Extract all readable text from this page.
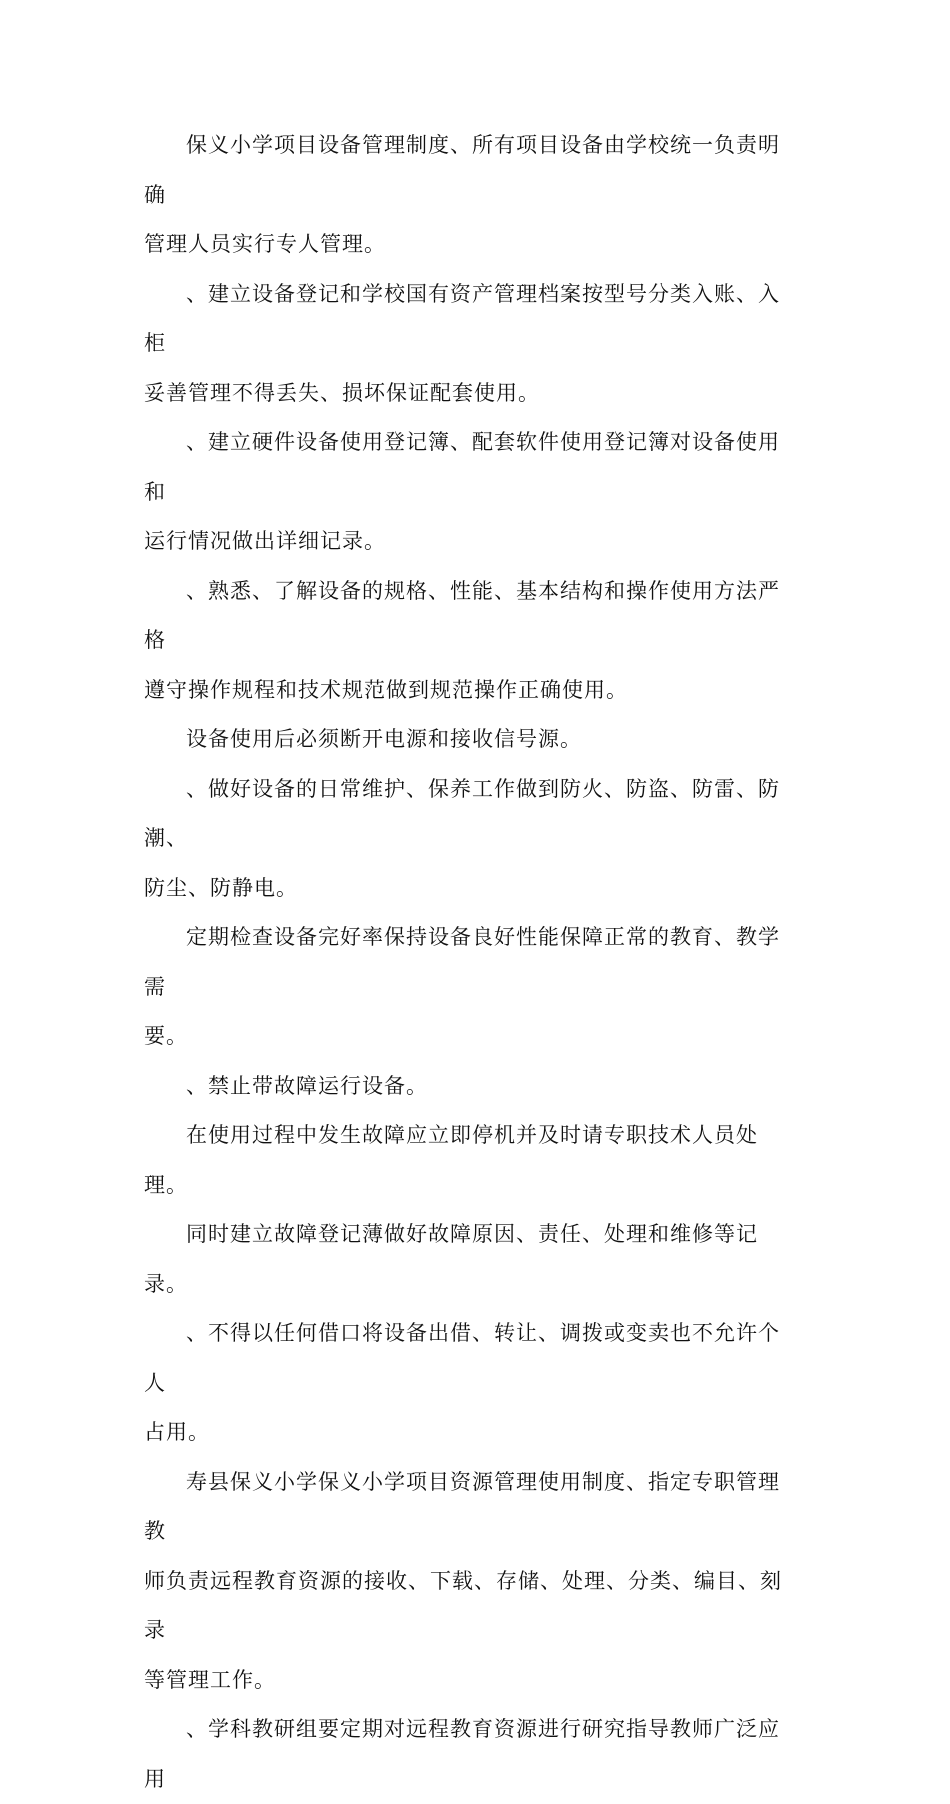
保义小学项目设备管理制度、所有项目设备由学校统一负责明确
管理人员实行专人管理。

、建立设备登记和学校国有资产管理档案按型号分类入账、入柜
妥善管理不得丢失、损坏保证配套使用。

、建立硬件设备使用登记簿、配套软件使用登记簿对设备使用和
运行情况做出详细记录。

、熟悉、了解设备的规格、性能、基本结构和操作使用方法严格
遵守操作规程和技术规范做到规范操作正确使用。

设备使用后必须断开电源和接收信号源。

、做好设备的日常维护、保养工作做到防火、防盗、防雷、防潮、
防尘、防静电。

定期检查设备完好率保持设备良好性能保障正常的教育、教学需
要。

、禁止带故障运行设备。

在使用过程中发生故障应立即停机并及时请专职技术人员处理。

同时建立故障登记薄做好故障原因、责任、处理和维修等记录。

、不得以任何借口将设备出借、转让、调拨或变卖也不允许个人
占用。

寿县保义小学保义小学项目资源管理使用制度、指定专职管理教
师负责远程教育资源的接收、下载、存储、处理、分类、编目、刻录
等管理工作。

、学科教研组要定期对远程教育资源进行研究指导教师广泛应用
